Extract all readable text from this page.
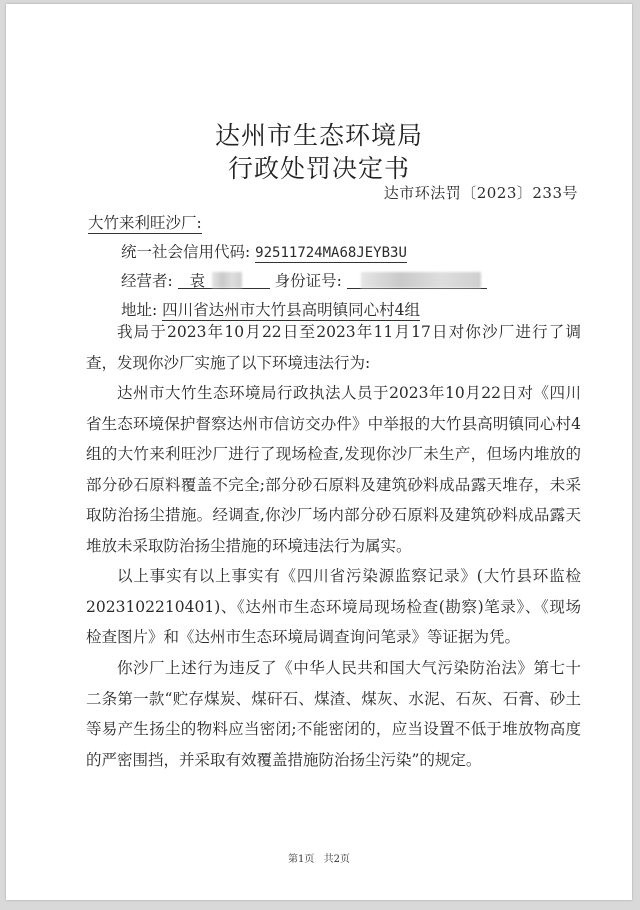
达州市生态环境局
行政处罚决定书
达市环法罚〔2023〕233号
大竹来利旺沙厂:
统一社会信用代码: 92511724MA68JEYB3U
经营者: 袁	身份证号:
地址: 四川省达州市大竹县高明镇同心村4组
我局于2023年10月22日至2023年11月17日对你沙厂进行了调查，发现你沙厂实施了以下环境违法行为:
达州市大竹生态环境局行政执法人员于2023年10月22日对《四川省生态环境保护督察达州市信访交办件》中举报的大竹县高明镇同心村4组的大竹来利旺沙厂进行了现场检查,发现你沙厂未生产，但场内堆放的部分砂石原料覆盖不完全;部分砂石原料及建筑砂料成品露天堆存，未采取防治扬尘措施。经调查,你沙厂场内部分砂石原料及建筑砂料成品露天堆放未采取防治扬尘措施的环境违法行为属实。
以上事实有以上事实有《四川省污染源监察记录》(大竹县环监检2023102210401)、《达州市生态环境局现场检查(勘察)笔录》、《现场检查图片》和《达州市生态环境局调查询问笔录》等证据为凭。
你沙厂上述行为违反了《中华人民共和国大气污染防治法》第七十二条第一款“贮存煤炭、煤矸石、煤渣、煤灰、水泥、石灰、石膏、砂土等易产生扬尘的物料应当密闭;不能密闭的，应当设置不低于堆放物高度的严密围挡，并采取有效覆盖措施防治扬尘污染”的规定。
第1页 共2页
